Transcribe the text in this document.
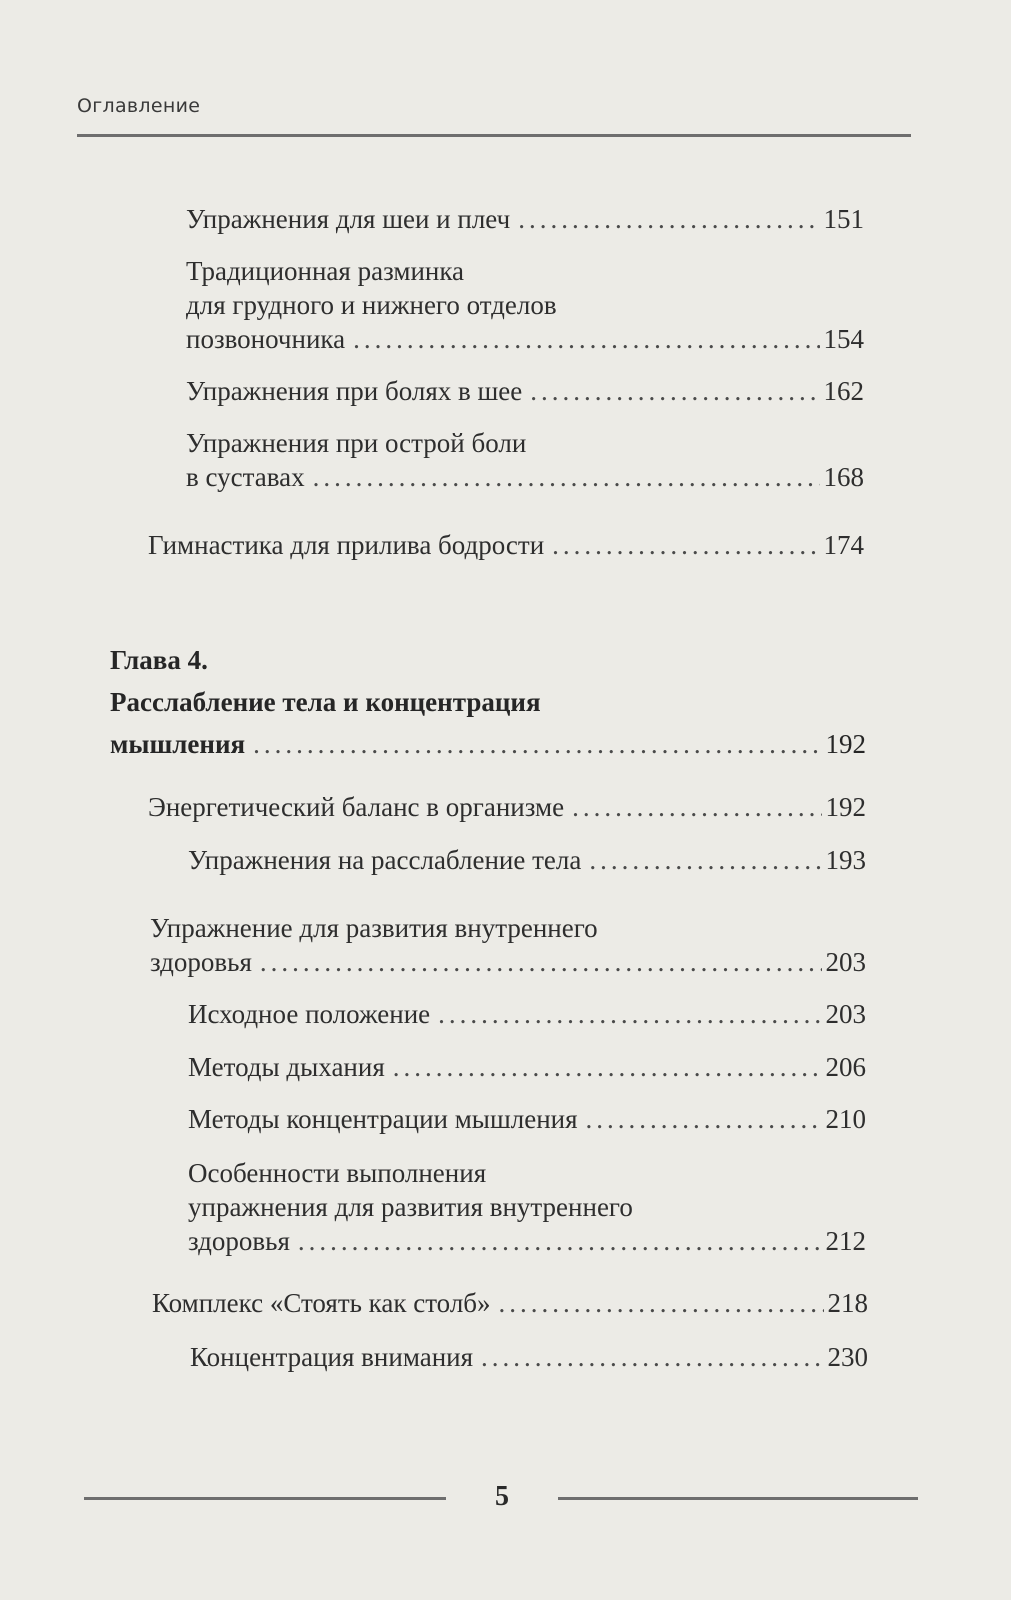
Оглавление
Упражнения для шеи и плеч .....	151
Традиционная разминка
для грудного и нижнего отделов
позвоночника .....	154
Упражнения при болях в шее .....	162
Упражнения при острой боли
в суставах .....	168
Гимнастика для прилива бодрости .....	174
Глава 4.
Расслабление тела и концентрация
мышления .....	192
Энергетический баланс в организме .....	192
Упражнения на расслабление тела .....	193
Упражнение для развития внутреннего
здоровья .....	203
Исходное положение .....	203
Методы дыхания .....	206
Методы концентрации мышления .....	210
Особенности выполнения
упражнения для развития внутреннего
здоровья .....	212
Комплекс «Стоять как столб» .....	218
Концентрация внимания .....	230
5
